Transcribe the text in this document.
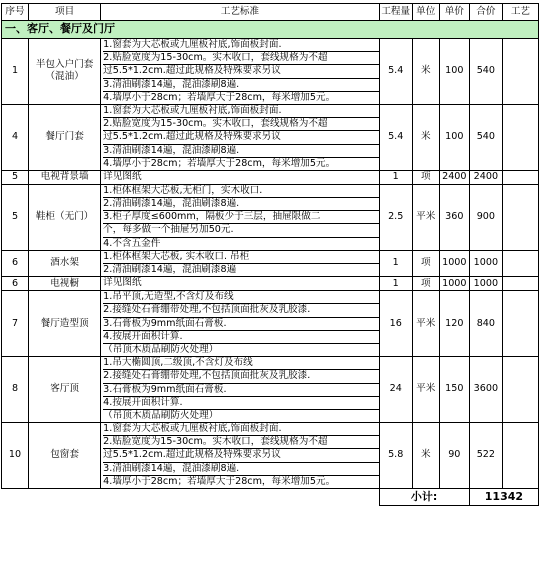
序号	项目	工艺标准	工程量	单位	单价	合价	工艺
一、客厅、餐厅及门厅							
1	半包入户门套（混油）	1.窗套为大芯板或九厘板衬底,饰面板封面.
2.贴脸宽度为15-30cm。实木收口，套线规格为不超
过5.5*1.2cm.超过此规格及特殊要求另议
3.清油刷漆14遍，混油漆刷8遍.
4.墙厚小于28cm；若墙厚大于28cm，每米增加5元。	5.4	米	100	540	
4	餐厅门套	1.窗套为大芯板或九厘板衬底,饰面板封面.
2.贴脸宽度为15-30cm。实木收口，套线规格为不超
过5.5*1.2cm.超过此规格及特殊要求另议
3.清油刷漆14遍，混油漆刷8遍.
4.墙厚小于28cm；若墙厚大于28cm，每米增加5元。	5.4	米	100	540	
5	电视背景墙	详见图纸	1	项	2400	2400	
5	鞋柜（无门）	1.柜体框架大芯板,无柜门，实木收口.
2.清油刷漆14遍，混油刷漆8遍.
3.柜子厚度≤600mm，隔板少于三层，抽屉限做二
个，每多做一个抽屉另加50元.
4.不含五金件	2.5	平米	360	900	
6	酒水架	1.柜体框架大芯板, 实木收口. 吊柜
2.清油刷漆14遍，混油刷漆8遍	1	项	1000	1000	
6	电视橱	详见图纸	1	项	1000	1000	
7	餐厅造型顶	1.吊平顶,无造型,不含灯及布线
2.接缝处石膏绷带处理,不包括顶面批灰及乳胶漆.
3.石膏板为9mm纸面石膏板.
4.按展开面积计算.
（吊顶木质品刷防火处理）	16	平米	120	840	
8	客厅顶	1.吊大椭圆顶,二级顶,不含灯及布线
2.接缝处石膏绷带处理,不包括顶面批灰及乳胶漆.
3.石膏板为9mm纸面石膏板.
4.按展开面积计算.
（吊顶木质品刷防火处理）	24	平米	150	3600	
10	包窗套	1.窗套为大芯板或九厘板衬底,饰面板封面.
2.贴脸宽度为15-30cm。实木收口，套线规格为不超
过5.5*1.2cm.超过此规格及特殊要求另议
3.清油刷漆14遍，混油漆刷8遍.
4.墙厚小于28cm；若墙厚大于28cm，每米增加5元。	5.8	米	90	522	
			小计:			11342	
